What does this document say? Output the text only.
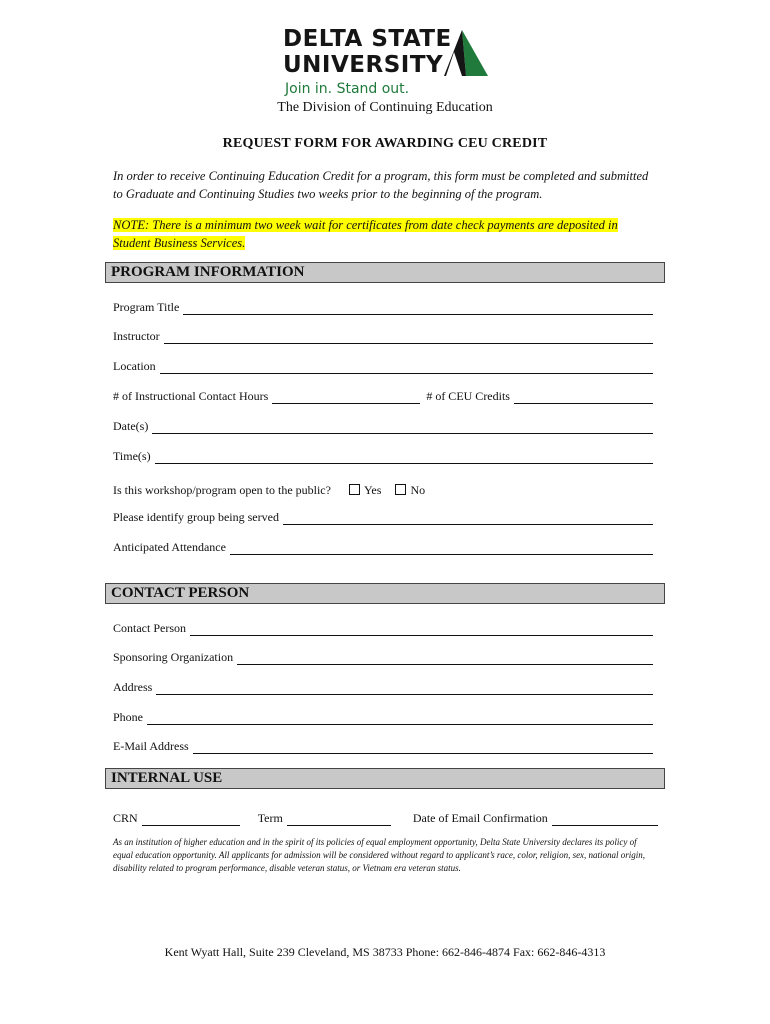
DELTA STATE
UNIVERSITY
Join in. Stand out.
The Division of Continuing Education
REQUEST FORM FOR AWARDING CEU CREDIT
In order to receive Continuing Education Credit for a program, this form must be completed and submitted to Graduate and Continuing Studies two weeks prior to the beginning of the program.
NOTE: There is a minimum two week wait for certificates from date check payments are deposited in
Student Business Services.
PROGRAM INFORMATION
Program Title
Instructor
Location
# of Instructional Contact Hours	# of CEU Credits
Date(s)
Time(s)
Is this workshop/program open to the public?	Yes	No
Please identify group being served
Anticipated Attendance
CONTACT PERSON
Contact Person
Sponsoring Organization
Address
Phone
E-Mail Address
INTERNAL USE
CRN	Term	Date of Email Confirmation
As an institution of higher education and in the spirit of its policies of equal employment opportunity, Delta State University declares its policy of equal education opportunity. All applicants for admission will be considered without regard to applicant’s race, color, religion, sex, national origin, disability related to program performance, disable veteran status, or Vietnam era veteran status.
Kent Wyatt Hall, Suite 239 Cleveland, MS 38733 Phone: 662-846-4874 Fax: 662-846-4313
